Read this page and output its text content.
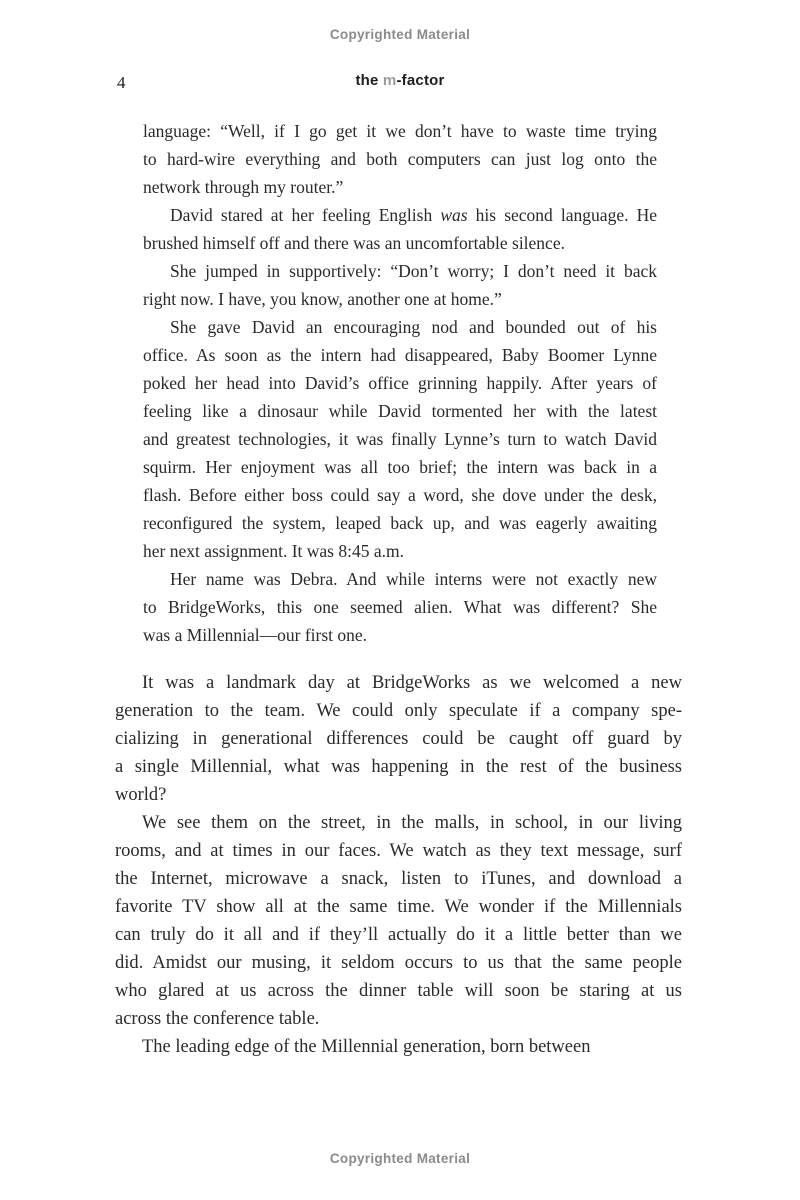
Copyrighted Material
4	the m-factor
language: “Well, if I go get it we don’t have to waste time trying
to hard-wire everything and both computers can just log onto the
network through my router.”
David stared at her feeling English was his second language. He
brushed himself off and there was an uncomfortable silence.
She jumped in supportively: “Don’t worry; I don’t need it back
right now. I have, you know, another one at home.”
She gave David an encouraging nod and bounded out of his
office. As soon as the intern had disappeared, Baby Boomer Lynne
poked her head into David’s office grinning happily. After years of
feeling like a dinosaur while David tormented her with the latest
and greatest technologies, it was finally Lynne’s turn to watch David
squirm. Her enjoyment was all too brief; the intern was back in a
flash. Before either boss could say a word, she dove under the desk,
reconfigured the system, leaped back up, and was eagerly awaiting
her next assignment. It was 8:45 a.m.
Her name was Debra. And while interns were not exactly new
to BridgeWorks, this one seemed alien. What was different? She
was a Millennial—our first one.
It was a landmark day at BridgeWorks as we welcomed a new
generation to the team. We could only speculate if a company spe-
cializing in generational differences could be caught off guard by
a single Millennial, what was happening in the rest of the business
world?
We see them on the street, in the malls, in school, in our living
rooms, and at times in our faces. We watch as they text message, surf
the Internet, microwave a snack, listen to iTunes, and download a
favorite TV show all at the same time. We wonder if the Millennials
can truly do it all and if they’ll actually do it a little better than we
did. Amidst our musing, it seldom occurs to us that the same people
who glared at us across the dinner table will soon be staring at us
across the conference table.
The leading edge of the Millennial generation, born between
Copyrighted Material
